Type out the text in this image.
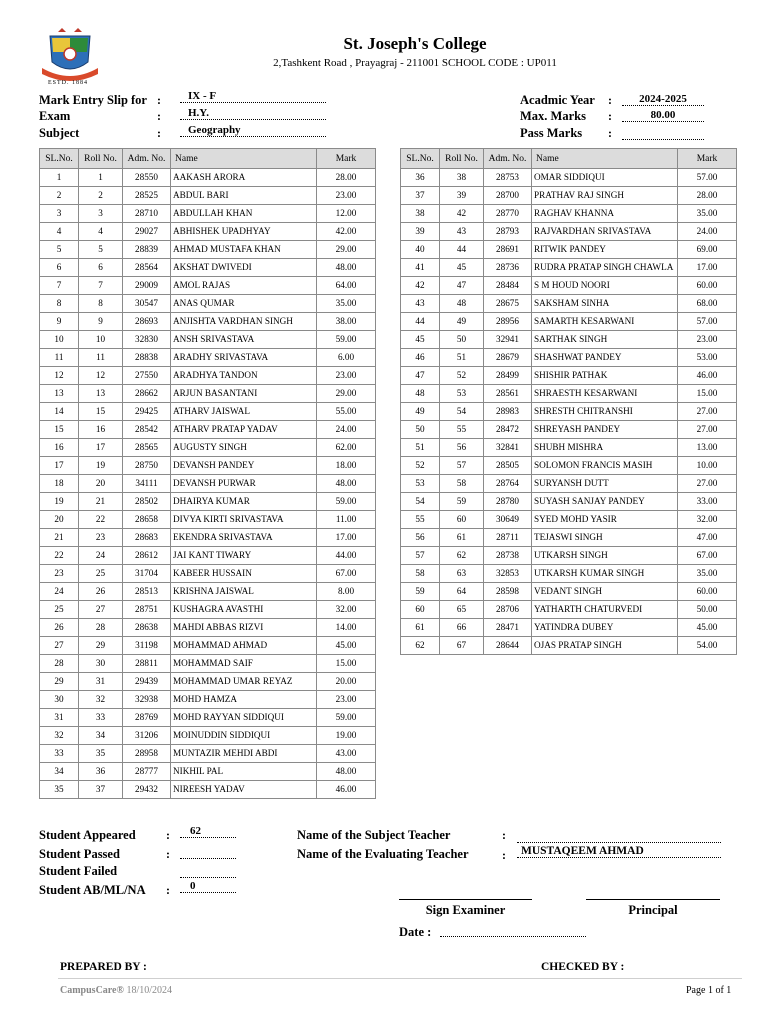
ESTD. 1884
St. Joseph's College
2,Tashkent Road , Prayagraj - 211001 SCHOOL CODE : UP011
Mark Entry Slip for :	IX - F
Exam	:	H.Y.
Subject	:	Geography
Acadmic Year :	2024-2025
Max. Marks :	80.00
Pass Marks :
SL.No.	Roll No.	Adm. No.	Name	Mark
1	1	28550	AAKASH ARORA	28.00
2	2	28525	ABDUL BARI	23.00
3	3	28710	ABDULLAH KHAN	12.00
4	4	29027	ABHISHEK UPADHYAY	42.00
5	5	28839	AHMAD MUSTAFA KHAN	29.00
6	6	28564	AKSHAT DWIVEDI	48.00
7	7	29009	AMOL RAJAS	64.00
8	8	30547	ANAS QUMAR	35.00
9	9	28693	ANJISHTA VARDHAN SINGH	38.00
10	10	32830	ANSH SRIVASTAVA	59.00
11	11	28838	ARADHY SRIVASTAVA	6.00
12	12	27550	ARADHYA TANDON	23.00
13	13	28662	ARJUN BASANTANI	29.00
14	15	29425	ATHARV JAISWAL	55.00
15	16	28542	ATHARV PRATAP YADAV	24.00
16	17	28565	AUGUSTY SINGH	62.00
17	19	28750	DEVANSH PANDEY	18.00
18	20	34111	DEVANSH PURWAR	48.00
19	21	28502	DHAIRYA KUMAR	59.00
20	22	28658	DIVYA KIRTI SRIVASTAVA	11.00
21	23	28683	EKENDRA SRIVASTAVA	17.00
22	24	28612	JAI KANT TIWARY	44.00
23	25	31704	KABEER HUSSAIN	67.00
24	26	28513	KRISHNA JAISWAL	8.00
25	27	28751	KUSHAGRA AVASTHI	32.00
26	28	28638	MAHDI ABBAS RIZVI	14.00
27	29	31198	MOHAMMAD AHMAD	45.00
28	30	28811	MOHAMMAD SAIF	15.00
29	31	29439	MOHAMMAD UMAR REYAZ	20.00
30	32	32938	MOHD HAMZA	23.00
31	33	28769	MOHD RAYYAN SIDDIQUI	59.00
32	34	31206	MOINUDDIN SIDDIQUI	19.00
33	35	28958	MUNTAZIR MEHDI ABDI	43.00
34	36	28777	NIKHIL PAL	48.00
35	37	29432	NIREESH YADAV	46.00
SL.No.	Roll No.	Adm. No.	Name	Mark
36	38	28753	OMAR SIDDIQUI	57.00
37	39	28700	PRATHAV RAJ SINGH	28.00
38	42	28770	RAGHAV KHANNA	35.00
39	43	28793	RAJVARDHAN SRIVASTAVA	24.00
40	44	28691	RITWIK PANDEY	69.00
41	45	28736	RUDRA PRATAP SINGH CHAWLA	17.00
42	47	28484	S M HOUD NOORI	60.00
43	48	28675	SAKSHAM SINHA	68.00
44	49	28956	SAMARTH KESARWANI	57.00
45	50	32941	SARTHAK SINGH	23.00
46	51	28679	SHASHWAT PANDEY	53.00
47	52	28499	SHISHIR PATHAK	46.00
48	53	28561	SHRAESTH KESARWANI	15.00
49	54	28983	SHRESTH CHITRANSHI	27.00
50	55	28472	SHREYASH PANDEY	27.00
51	56	32841	SHUBH MISHRA	13.00
52	57	28505	SOLOMON FRANCIS MASIH	10.00
53	58	28764	SURYANSH DUTT	27.00
54	59	28780	SUYASH SANJAY PANDEY	33.00
55	60	30649	SYED MOHD YASIR	32.00
56	61	28711	TEJASWI SINGH	47.00
57	62	28738	UTKARSH SINGH	67.00
58	63	32853	UTKARSH KUMAR SINGH	35.00
59	64	28598	VEDANT SINGH	60.00
60	65	28706	YATHARTH CHATURVEDI	50.00
61	66	28471	YATINDRA DUBEY	45.00
62	67	28644	OJAS PRATAP SINGH	54.00
Student Appeared	:	62
Student Passed	:
Student Failed
Student AB/ML/NA :	0
Name of the Subject Teacher	:
Name of the Evaluating Teacher	:	MUSTAQEEM AHMAD
Sign Examiner	Principal
Date :
PREPARED BY :	CHECKED BY :
CampusCare® 18/10/2024	Page 1 of 1
